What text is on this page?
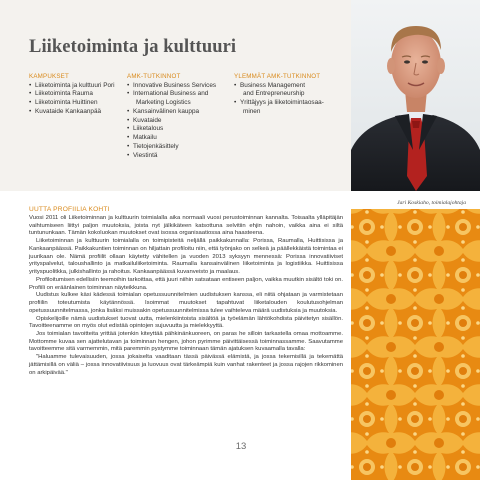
Liiketoiminta ja kulttuuri
KAMPUKSET
• Liiketoiminta ja kulttuuri Pori
• Liiketoiminta Rauma
• Liiketoiminta Huittinen
• Kuvataide Kankaanpää
AMK-TUTKINNOT
• Innovative Business Services
• International Business and
Marketing Logistics
• Kansainvälinen kauppa
• Kuvataide
• Liiketalous
• Matkailu
• Tietojenkäsittely
• Viestintä
YLEMMÄT AMK-TUTKINNOT
• Business Management
and Entrepreneurship
• Yrittäjyys ja liiketoimintaosaa-
minen
Jari Koskiaho, toimialajohtaja
UUTTA PROFIILIA KOHTI

Vuosi 2011 oli Liiketoiminnan ja kulttuurin toimialalla aika normaali vuosi perustoiminnan kannalta. Toisaalta ylläpitäjän vaihtumiseen liittyi paljon muutoksia, joista nyt jälkikäteen katsottuna selvitiin ehjin nahoin, vaikka aina ei siltä tuntununkaan. Tämän kokoluokan muutokset ovat isossa organisaatiossa aina haasteena.

Liiketoiminnan ja kulttuurin toimialalla on toimipisteitä neljällä paikkakunnalla: Porissa, Raumalla, Huittisissa ja Kankaanpäässä. Paikkakuntien toiminnan on hiljattain profiloitu niin, että työnjako on selkeä ja päällekkäistä toimintaa ei juurikaan ole. Nämä profiilit ollaan käytetty vähitellen ja vuoden 2013 syksyyn mennessä: Porissa innovatiiviset yrityspalvelut, taloushallinto ja matkailuliiketoiminta. Raumalla kansainvälinen liiketoiminta ja logistiikka. Huittisissa yrityspuolitkka, julkishallinto ja rahoitus. Kankaanpäässä kuvanveisto ja maalaus.

Profiloitumisen edellisiin teemoihin tarkoittaa, että juuri niihin satsataan entiseen paljon, vaikka muutkin sisältö toki on. Profiili on eräänlainen toiminnan näyteikkuna.

Uudistus kulkee käsi kädessä toimialan opetussuunnitelmien uudistuksen kanssa, eli niitä ohjataan ja varmistetaan profiilin toteutumista käytännössä. Isoimmat muutokset tapahtuvat liiketalouden koulutusohjelman opetussuunnitelmassa, jonka lisäksi muissakin opetussuunnitelmissa tulee vaihteleva määrä uudistuksia ja muutoksia.

Opiskelijoille nämä uudistukset tuovat uutta, mielenkiintoista sisältöä ja työelämän lähtökohdista päivitetyn sisällön. Tavoitteenamme on myös olut edistää opintojen sujuvuutta ja mielekkyyttä.

Jos toimialan tavoitteita yrittää jotenkin kiteyttää pähkinänkuoreen, on paras he silloin tarkastella omaa mottoamme. Mottomme kuvaa sen ajattelutavan ja toiminnan hengen, johon pyrimme päivittäisessä toiminnassamme. Saavutamme tavoitteemme sitä varmemmin, mitä paremmin pystymme toiminnaan tämän ajatuksen kuvaamalla tavalla:

"Haluamme tulevaisuuden, jossa jokaiselta vaaditaan tässä päivässä elämistä, ja jossa tekemisillä ja tekemättä jättämisillä on väliä – jossa innovatiivisuus ja luovuus ovat tärkeämpiä kuin vanhat rakenteet ja jossa rajojen rikkominen on arkipäivää."

13
